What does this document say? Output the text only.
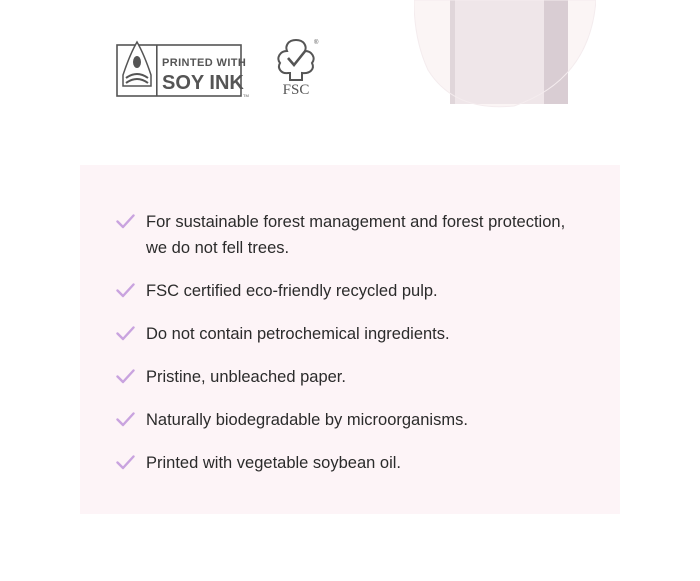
PRINTED WITH
SOY INK
TM
®
FSC
For sustainable forest management and forest protection, we do not fell trees.
FSC certified eco-friendly recycled pulp.
Do not contain petrochemical ingredients.
Pristine, unbleached paper.
Naturally biodegradable by microorganisms.
Printed with vegetable soybean oil.
